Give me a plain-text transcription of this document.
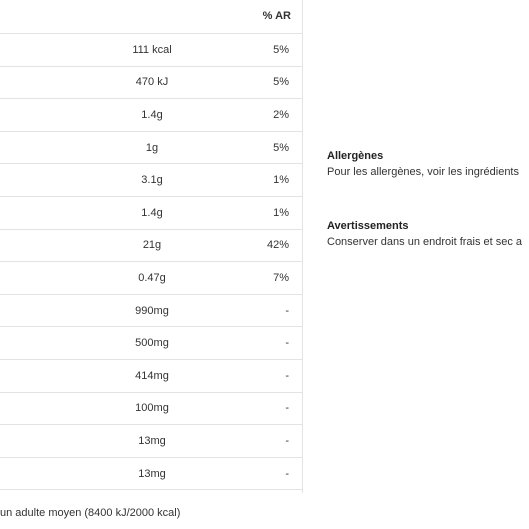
% AR
111 kcal	5%
470 kJ	5%
1.4g	2%
1g	5%
3.1g	1%
1.4g	1%
21g	42%
0.47g	7%
990mg	-
500mg	-
414mg	-
100mg	-
13mg	-
13mg	-
un adulte moyen (8400 kJ/2000 kcal)
Allergènes
Pour les allergènes, voir les ingrédients
Avertissements
Conserver dans un endroit frais et sec a
